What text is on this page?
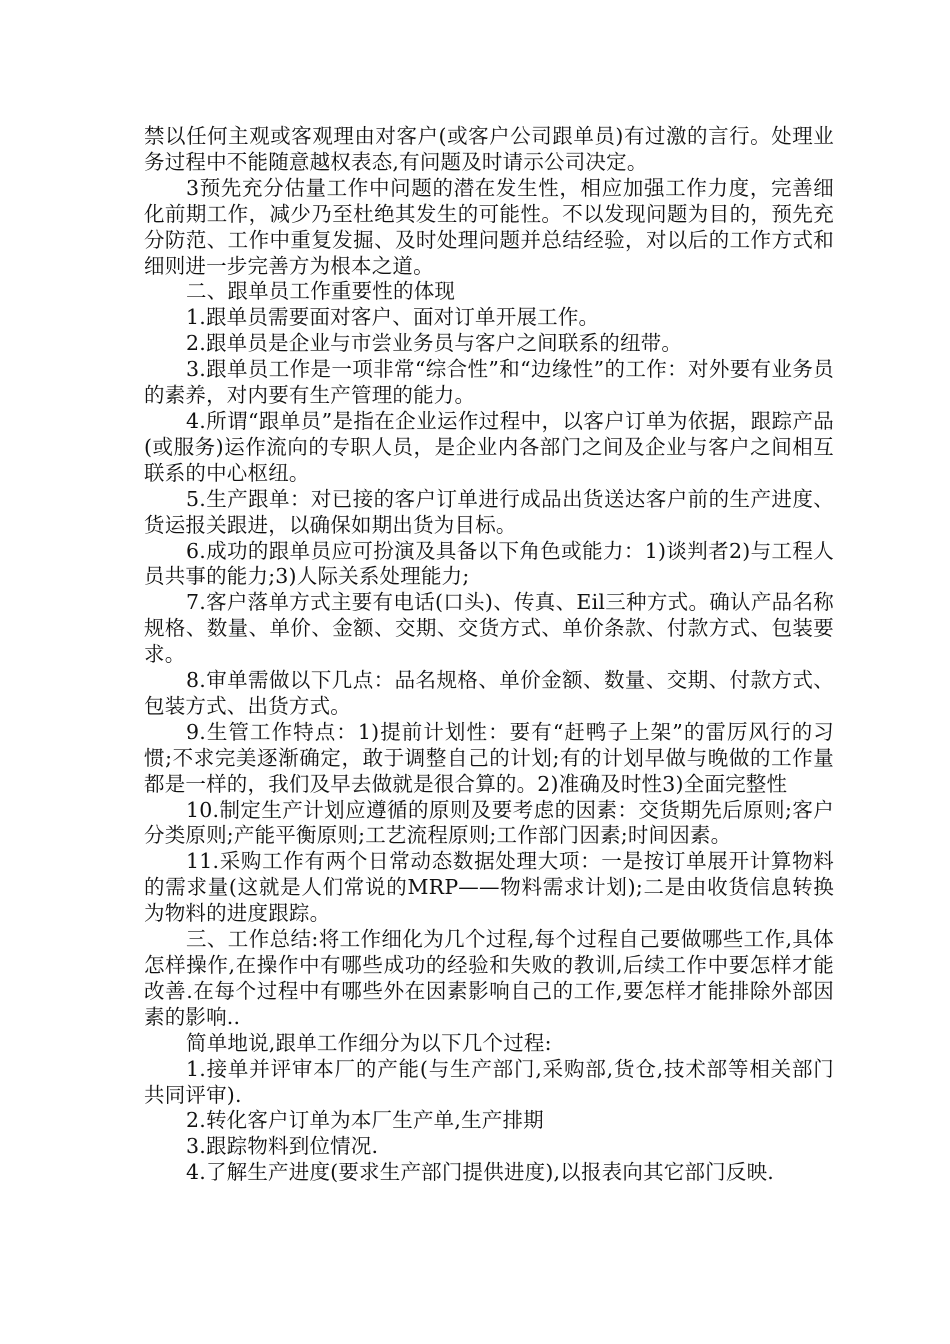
禁以任何主观或客观理由对客户(或客户公司跟单员)有过激的言行。处理业务过程中不能随意越权表态,有问题及时请示公司决定。

3预先充分估量工作中问题的潜在发生性，相应加强工作力度，完善细化前期工作，减少乃至杜绝其发生的可能性。不以发现问题为目的，预先充分防范、工作中重复发掘、及时处理问题并总结经验，对以后的工作方式和细则进一步完善方为根本之道。

二、跟单员工作重要性的体现

1.跟单员需要面对客户、面对订单开展工作。

2.跟单员是企业与市尝业务员与客户之间联系的纽带。

3.跟单员工作是一项非常“综合性”和“边缘性”的工作：对外要有业务员的素养，对内要有生产管理的能力。

4.所谓“跟单员”是指在企业运作过程中，以客户订单为依据，跟踪产品(或服务)运作流向的专职人员，是企业内各部门之间及企业与客户之间相互联系的中心枢纽。

5.生产跟单：对已接的客户订单进行成品出货送达客户前的生产进度、货运报关跟进，以确保如期出货为目标。

6.成功的跟单员应可扮演及具备以下角色或能力：1)谈判者2)与工程人员共事的能力;3)人际关系处理能力;

7.客户落单方式主要有电话(口头)、传真、Eil三种方式。确认产品名称规格、数量、单价、金额、交期、交货方式、单价条款、付款方式、包装要求。

8.审单需做以下几点：品名规格、单价金额、数量、交期、付款方式、包装方式、出货方式。

9.生管工作特点：1)提前计划性：要有“赶鸭子上架”的雷厉风行的习惯;不求完美逐渐确定，敢于调整自己的计划;有的计划早做与晚做的工作量都是一样的，我们及早去做就是很合算的。2)准确及时性3)全面完整性

10.制定生产计划应遵循的原则及要考虑的因素：交货期先后原则;客户分类原则;产能平衡原则;工艺流程原则;工作部门因素;时间因素。

11.采购工作有两个日常动态数据处理大项：一是按订单展开计算物料的需求量(这就是人们常说的MRP——物料需求计划);二是由收货信息转换为物料的进度跟踪。

三、工作总结:将工作细化为几个过程,每个过程自己要做哪些工作,具体怎样操作,在操作中有哪些成功的经验和失败的教训,后续工作中要怎样才能改善.在每个过程中有哪些外在因素影响自己的工作,要怎样才能排除外部因素的影响..

简单地说,跟单工作细分为以下几个过程:

1.接单并评审本厂的产能(与生产部门,采购部,货仓,技术部等相关部门共同评审).

2.转化客户订单为本厂生产单,生产排期

3.跟踪物料到位情况.

4.了解生产进度(要求生产部门提供进度),以报表向其它部门反映.
